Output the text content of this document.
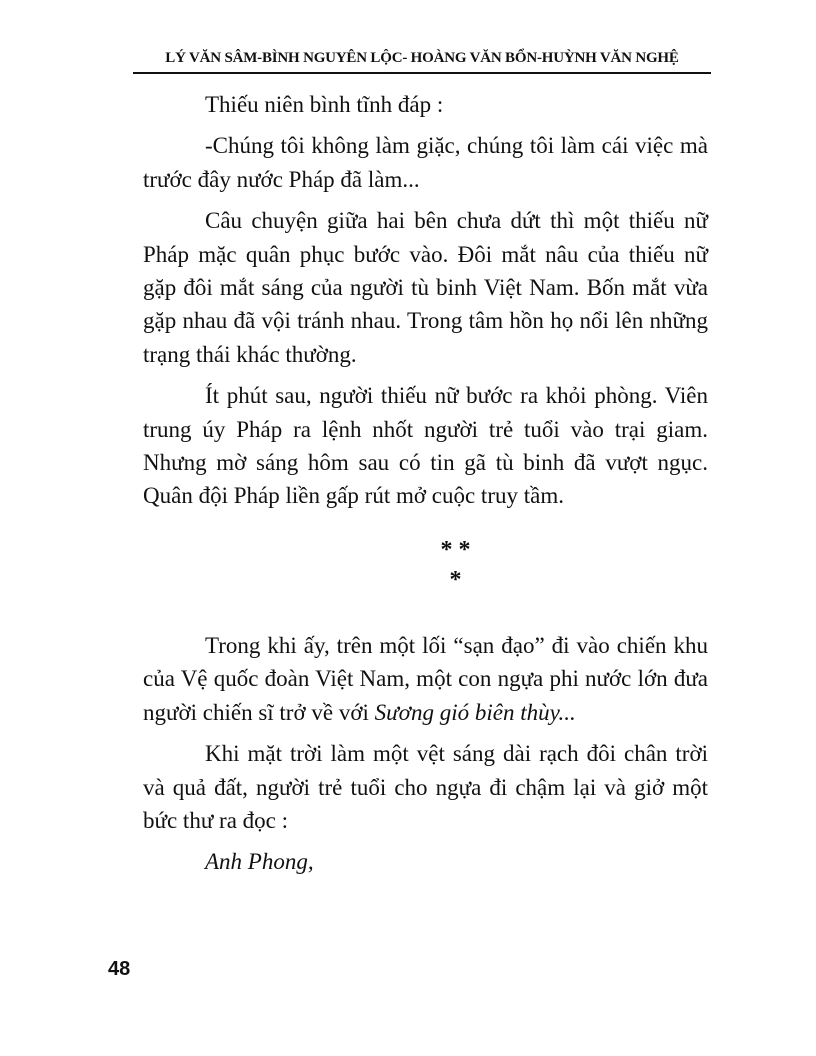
LÝ VĂN SÂM-BÌNH NGUYÊN LỘC- HOÀNG VĂN BỔN-HUỲNH VĂN NGHỆ

Thiếu niên bình tĩnh đáp :

-Chúng tôi không làm giặc, chúng tôi làm cái việc mà trước đây nước Pháp đã làm...

Câu chuyện giữa hai bên chưa dứt thì một thiếu nữ Pháp mặc quân phục bước vào. Đôi mắt nâu của thiếu nữ gặp đôi mắt sáng của người tù binh Việt Nam. Bốn mắt vừa gặp nhau đã vội tránh nhau. Trong tâm hồn họ nổi lên những trạng thái khác thường.

Ít phút sau, người thiếu nữ bước ra khỏi phòng. Viên trung úy Pháp ra lệnh nhốt người trẻ tuổi vào trại giam. Nhưng mờ sáng hôm sau có tin gã tù binh đã vượt ngục. Quân đội Pháp liền gấp rút mở cuộc truy tầm.

* *
*

Trong khi ấy, trên một lối “sạn đạo” đi vào chiến khu của Vệ quốc đoàn Việt Nam, một con ngựa phi nước lớn đưa người chiến sĩ trở về với Sương gió biên thùy...

Khi mặt trời làm một vệt sáng dài rạch đôi chân trời và quả đất, người trẻ tuổi cho ngựa đi chậm lại và giở một bức thư ra đọc :

Anh Phong,

48
